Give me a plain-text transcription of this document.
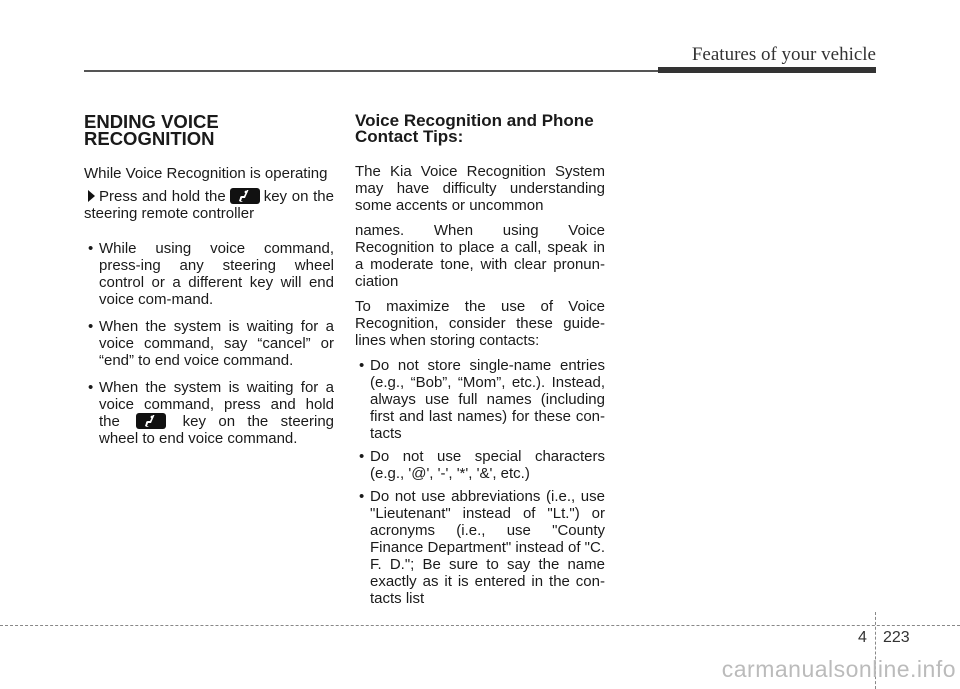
Features of your vehicle
ENDING VOICE RECOGNITION

While Voice Recognition is operating

Press and hold the	key on the steering remote controller

• While using voice command, press-ing any steering wheel control or a different key will end voice com-mand.
• When the system is waiting for a voice command, say “cancel” or “end” to end voice command.
• When the system is waiting for a voice command, press and hold the	key on the steering wheel to end voice command.
Voice Recognition and Phone Contact Tips:

The Kia Voice Recognition System may have difficulty understanding some accents or uncommon

names. When using Voice Recognition to place a call, speak in a moderate tone, with clear pronun-ciation

To maximize the use of Voice Recognition, consider these guide-lines when storing contacts:

• Do not store single-name entries (e.g., “Bob”, “Mom”, etc.). Instead, always use full names (including first and last names) for these con-tacts
• Do not use special characters (e.g., '@', '-', '*', '&', etc.)
• Do not use abbreviations (i.e., use "Lieutenant" instead of "Lt.") or acronyms (i.e., use "County Finance Department" instead of "C. F. D."; Be sure to say the name exactly as it is entered in the con-tacts list
4 223
carmanualsonline.info
